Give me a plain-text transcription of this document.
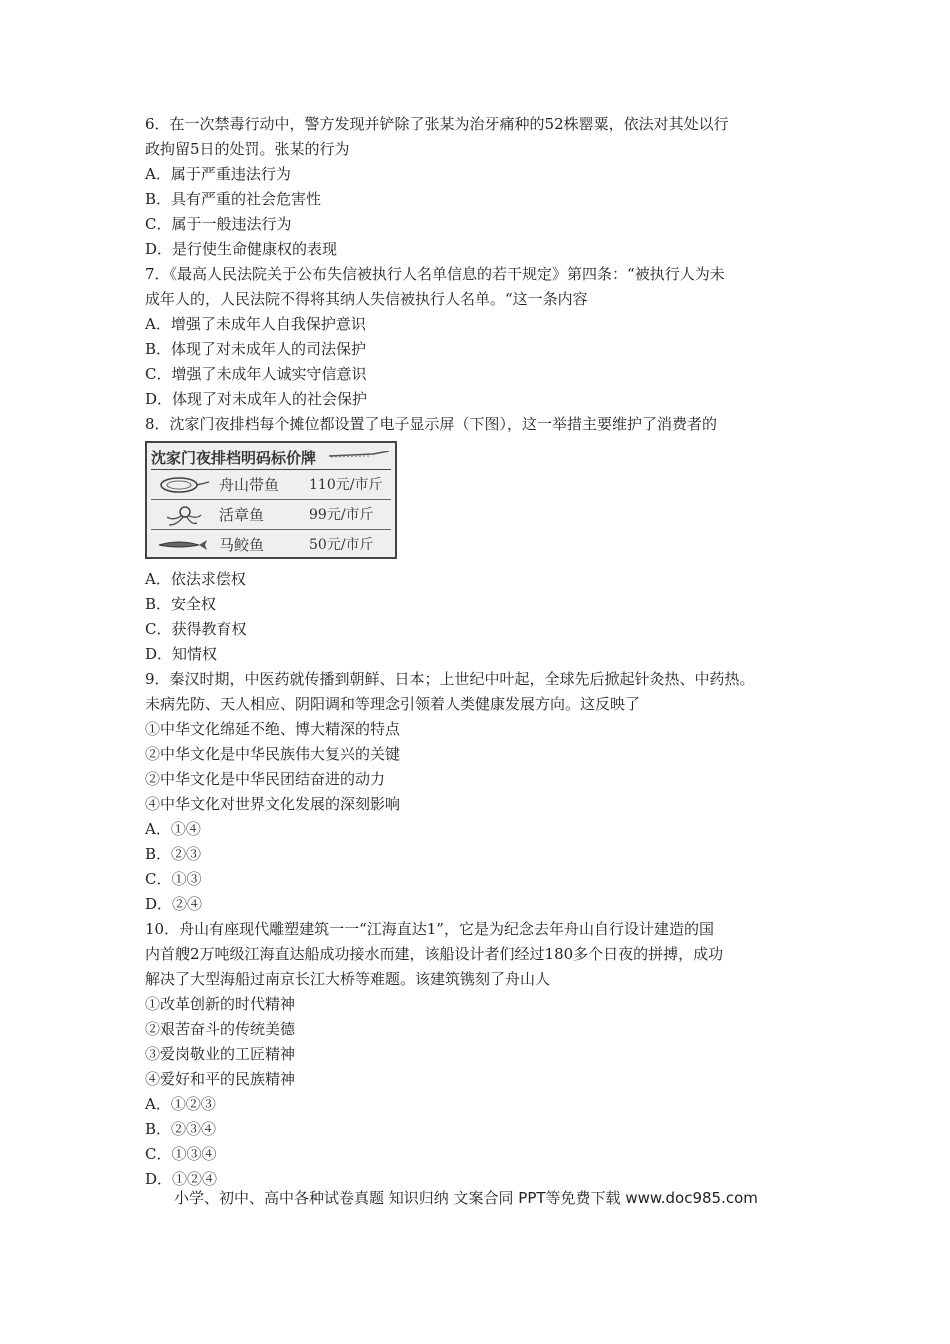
6．在一次禁毒行动中，警方发现并铲除了张某为治牙痛种的52株罂粟，依法对其处以行
政拘留5日的处罚。张某的行为
A．属于严重违法行为
B．具有严重的社会危害性
C．属于一般违法行为
D．是行使生命健康权的表现
7．《最高人民法院关于公布失信被执行人名单信息的若干规定》第四条：“被执行人为未
成年人的，人民法院不得将其纳人失信被执行人名单。“这一条内容
A．增强了未成年人自我保护意识
B．体现了对未成年人的司法保护
C．增强了未成年人诚实守信意识
D．体现了对未成年人的社会保护
8．沈家门夜排档每个摊位都设置了电子显示屏（下图），这一举措主要维护了消费者的
沈家门夜排档明码标价牌
舟山带鱼 110元/市斤
活章鱼	99元/市斤
马鲛鱼	50元/市斤
A．依法求偿权
B．安全权
C．获得教育权
D．知情权
9．秦汉时期，中医药就传播到朝鲜、日本；上世纪中叶起，全球先后掀起针灸热、中药热。
未病先防、天人相应、阴阳调和等理念引领着人类健康发展方向。这反映了
①中华文化绵延不绝、博大精深的特点
②中华文化是中华民族伟大复兴的关键
②中华文化是中华民团结奋进的动力
④中华文化对世界文化发展的深刻影响
A．①④
B．②③
C．①③
D．②④
10．舟山有座现代雕塑建筑一一“江海直达1”，它是为纪念去年舟山自行设计建造的国
内首艘2万吨级江海直达船成功接水而建，该船设计者们经过180多个日夜的拼搏，成功
解决了大型海船过南京长江大桥等难题。该建筑镌刻了舟山人
①改革创新的时代精神
②艰苦奋斗的传统美德
③爱岗敬业的工匠精神
④爱好和平的民族精神
A．①②③
B．②③④
C．①③④
D．①②④
小学、初中、高中各种试卷真题 知识归纳 文案合同 PPT等免费下载 www.doc985.com
